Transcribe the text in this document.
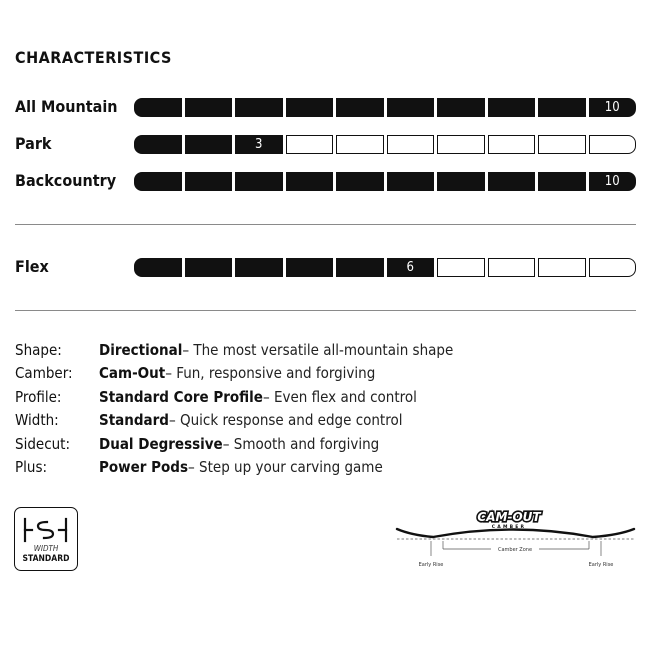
CHARACTERISTICS
All Mountain	10
Park	3
Backcountry	10
Flex	6
Shape:	Directional – The most versatile all-mountain shape
Camber:	Cam-Out – Fun, responsive and forgiving
Profile:	Standard Core Profile – Even flex and control
Width:	Standard – Quick response and edge control
Sidecut:	Dual Degressive – Smooth and forgiving
Plus:	Power Pods – Step up your carving game
WIDTH
STANDARD
CAM-OUT
CAMBER
Camber Zone
Early Rise	Early Rise
